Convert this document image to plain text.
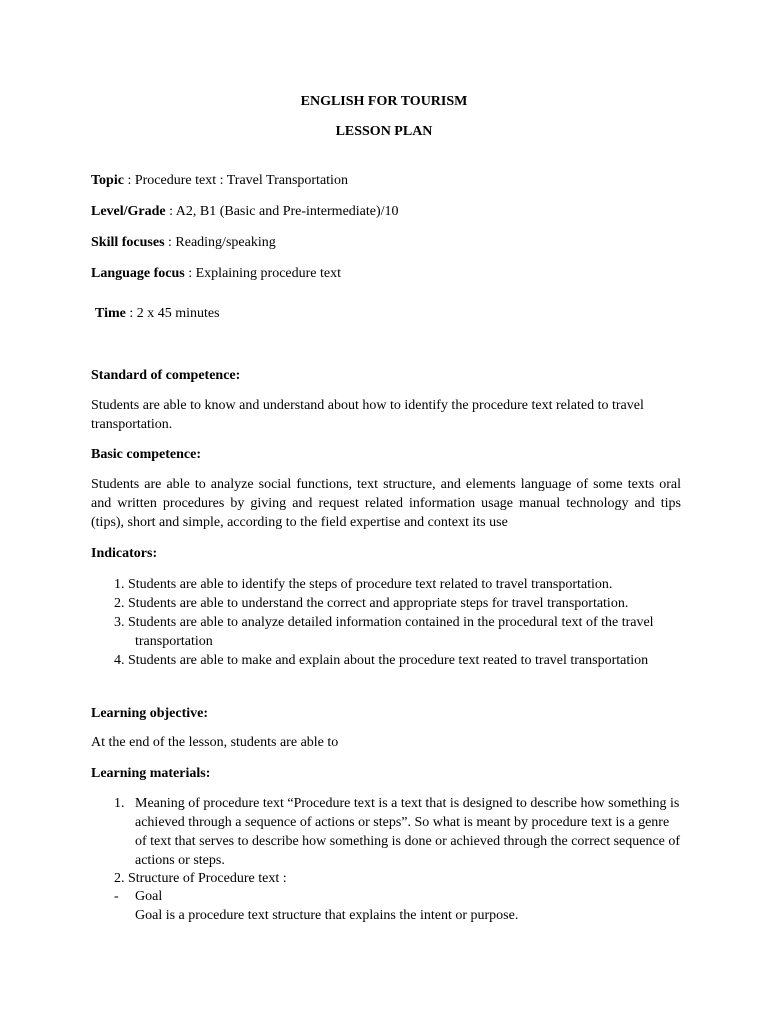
ENGLISH FOR TOURISM

LESSON PLAN

Topic : Procedure text : Travel Transportation

Level/Grade : A2, B1 (Basic and Pre-intermediate)/10

Skill focuses : Reading/speaking

Language focus : Explaining procedure text

Time : 2 x 45 minutes

Standard of competence:

Students are able to know and understand about how to identify the procedure text related to travel transportation.

Basic competence:

Students are able to analyze social functions, text structure, and elements language of some texts oral and written procedures by giving and request related information usage manual technology and tips (tips), short and simple, according to the field expertise and context its use

Indicators:

1. Students are able to identify the steps of procedure text related to travel transportation.

2. Students are able to understand the correct and appropriate steps for travel transportation.

3. Students are able to analyze detailed information contained in the procedural text of the travel transportation

4. Students are able to make and explain about the procedure text reated to travel transportation

Learning objective:

At the end of the lesson, students are able to

Learning materials:

1. Meaning of procedure text “Procedure text is a text that is designed to describe how something is achieved through a sequence of actions or steps”. So what is meant by procedure text is a genre of text that serves to describe how something is done or achieved through the correct sequence of actions or steps.

2. Structure of Procedure text :

-	Goal
Goal is a procedure text structure that explains the intent or purpose.
